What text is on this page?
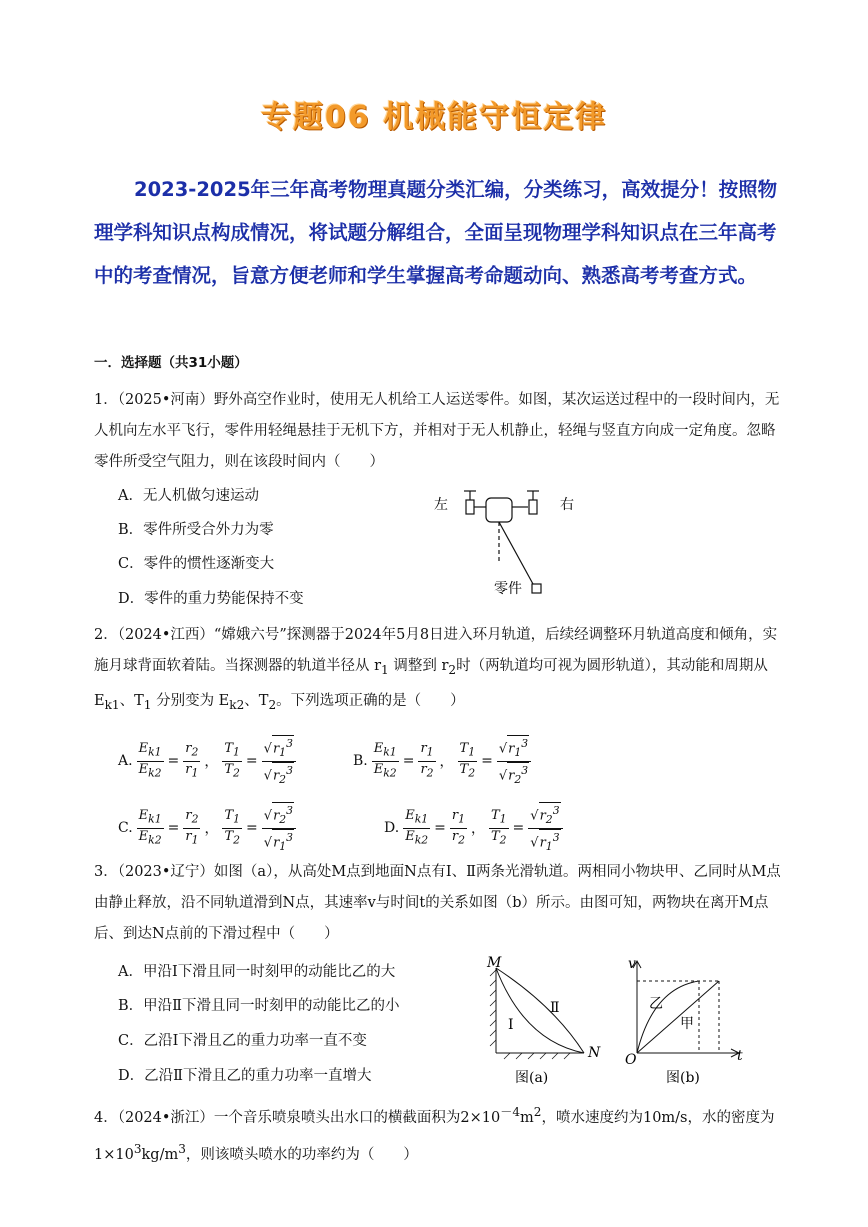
专题06 机械能守恒定律

2023-2025年三年高考物理真题分类汇编，分类练习，高效提分！按照物理学科知识点构成情况，将试题分解组合，全面呈现物理学科知识点在三年高考中的考查情况，旨意方便老师和学生掌握高考命题动向、熟悉高考考查方式。

一．选择题（共31小题）

1．（2025•河南）野外高空作业时，使用无人机给工人运送零件。如图，某次运送过程中的一段时间内，无人机向左水平飞行，零件用轻绳悬挂于无机下方，并相对于无人机静止，轻绳与竖直方向成一定角度。忽略零件所受空气阻力，则在该段时间内（　　）

A．无人机做匀速运动
B．零件所受合外力为零
C．零件的惯性逐渐变大
D．零件的重力势能保持不变
左	右
零件

2．（2024•江西）“嫦娥六号”探测器于2024年5月8日进入环月轨道，后续经调整环月轨道高度和倾角，实施月球背面软着陆。当探测器的轨道半径从 $r_1$ 调整到 $r_2$时（两轨道均可视为圆形轨道），其动能和周期从 $E_{k1}$、$T_1$ 分别变为 $E_{k2}$、$T_2$。下列选项正确的是（　　）

A. $\frac{E_{k1}}{E_{k2}} = \frac{r_2}{r_1}$ ， $\frac{T_1}{T_2} = \frac{√r_1^3}{√r_2^3}$	B. $\frac{E_{k1}}{E_{k2}} = \frac{r_1}{r_2}$ ， $\frac{T_1}{T_2} = \frac{√r_1^3}{√r_2^3}$
C. $\frac{E_{k1}}{E_{k2}} = \frac{r_2}{r_1}$ ， $\frac{T_1}{T_2} = \frac{√r_2^3}{√r_1^3}$	D. $\frac{E_{k1}}{E_{k2}} = \frac{r_1}{r_2}$ ， $\frac{T_1}{T_2} = \frac{√r_2^3}{√r_1^3}$

3．（2023•辽宁）如图（a），从高处M点到地面N点有Ⅰ、Ⅱ两条光滑轨道。两相同小物块甲、乙同时从M点由静止释放，沿不同轨道滑到N点，其速率v与时间t的关系如图（b）所示。由图可知，两物块在离开M点后、到达N点前的下滑过程中（　　）

A．甲沿Ⅰ下滑且同一时刻甲的动能比乙的大
B．甲沿Ⅱ下滑且同一时刻甲的动能比乙的小
C．乙沿Ⅰ下滑且乙的重力功率一直不变
D．乙沿Ⅱ下滑且乙的重力功率一直增大
M
N
Ⅰ
Ⅱ
图(a)
v
t
O
乙
甲
图(b)

4．（2024•浙江）一个音乐喷泉喷头出水口的横截面积为$2\times 10^{-4}m^2$，喷水速度约为10m/s，水的密度为$1\times 10^3kg/m^3$，则该喷头喷水的功率约为（　　）
